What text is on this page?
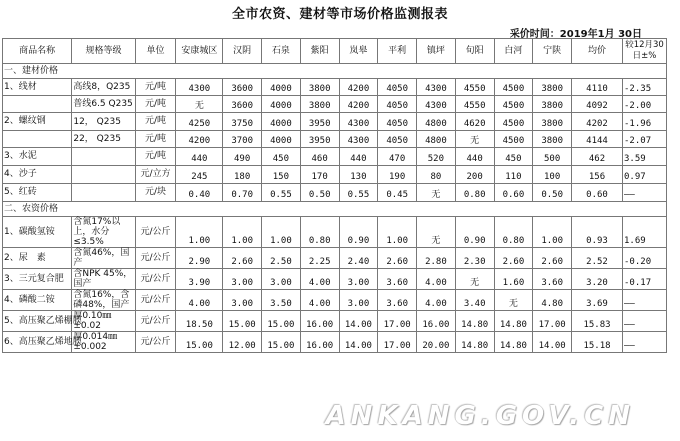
全市农资、建材等市场价格监测报表
采价时间：2019年1月 30日
商品名称	规格等级	单位	安康城区	汉阴	石泉	紫阳	岚皋	平利	镇坪	旬阳	白河	宁陕	均价	较12月30日±%
一、建材价格														
1、线材	高线8，Q235	元/吨	4300	3600	4000	3800	4200	4050	4300	4550	4500	3800	4110	-2.35
	普线6.5 Q235	元/吨	无	3600	4000	3800	4200	4050	4300	4550	4500	3800	4092	-2.00
2、螺纹钢	12， Q235	元/吨	4250	3750	4000	3950	4300	4050	4800	4620	4500	3800	4202	-1.96
	22， Q235	元/吨	4200	3700	4000	3950	4300	4050	4800	无	4500	3800	4144	-2.07
3、水泥		元/吨	440	490	450	460	440	470	520	440	450	500	462	3.59
4、沙子		元/立方	245	180	150	170	130	190	80	200	110	100	156	0.97
5、红砖		元/块	0.40	0.70	0.55	0.50	0.55	0.45	无	0.80	0.60	0.50	0.60	——
二、农资价格														
1、碳酸氢铵	含氮17%以上，水分≤3.5%	元/公斤	1.00	1.00	1.00	0.80	0.90	1.00	无	0.90	0.80	1.00	0.93	1.69
2、尿　素	含氮46%，国产	元/公斤	2.90	2.60	2.50	2.25	2.40	2.60	2.80	2.30	2.60	2.60	2.52	-0.20
3、三元复合肥	含NPK 45%，国产	元/公斤	3.90	3.00	3.00	4.00	3.00	3.60	4.00	无	1.60	3.60	3.20	-0.17
4、磷酸二铵	含氮16%，含磷48%，国产	元/公斤	4.00	3.00	3.50	4.00	3.00	3.60	4.00	3.40	无	4.80	3.69	——
5、高压聚乙烯棚膜	厚0.10㎜±0.02	元/公斤	18.50	15.00	15.00	16.00	14.00	17.00	16.00	14.80	14.80	17.00	15.83	——
6、高压聚乙烯地膜	厚0.014㎜±0.002	元/公斤	15.00	12.00	15.00	16.00	14.00	17.00	20.00	14.80	14.80	14.00	15.18	——
ANKANG.GOV.CN
